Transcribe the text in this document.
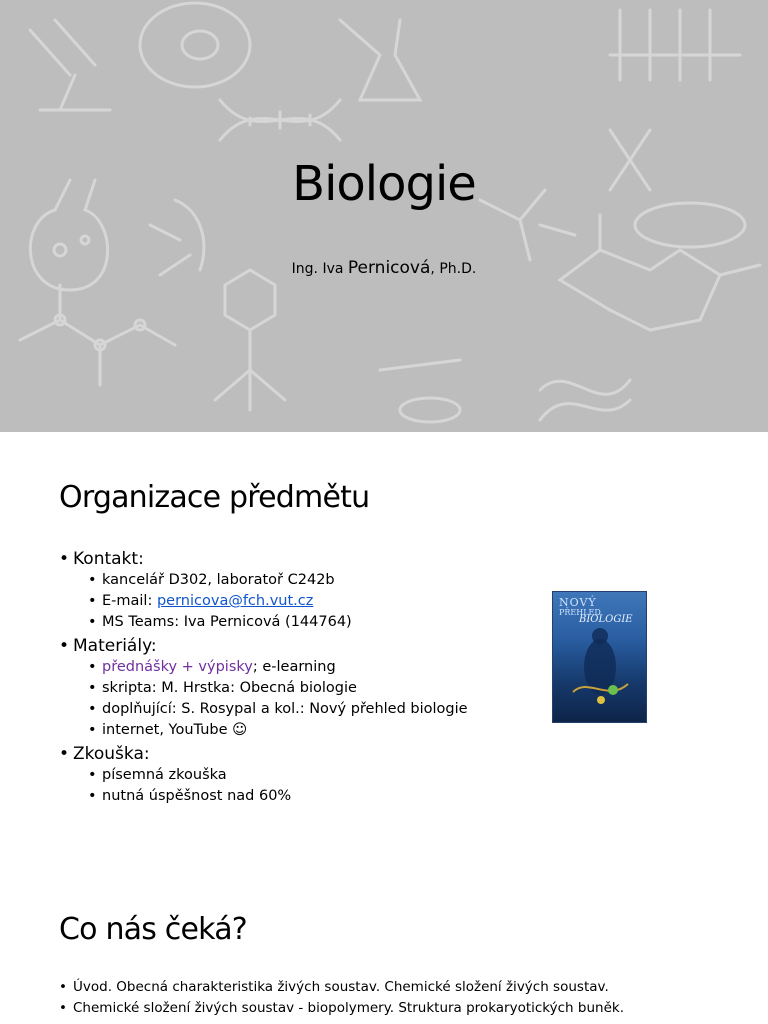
Biologie
Ing. Iva Pernicová, Ph.D.
Organizace předmětu
• Kontakt:
• kancelář D302, laboratoř C242b
• E-mail: pernicova@fch.vut.cz
• MS Teams: Iva Pernicová (144764)
• Materiály:
• přednášky + výpisky; e-learning
• skripta: M. Hrstka: Obecná biologie
• doplňující: S. Rosypal a kol.: Nový přehled biologie
• internet, YouTube ☺
• Zkouška:
• písemná zkouška
• nutná úspěšnost nad 60%
NOVÝ
PŘEHLED
BIOLOGIE
Co nás čeká?
• Úvod. Obecná charakteristika živých soustav. Chemické složení živých soustav.
• Chemické složení živých soustav - biopolymery. Struktura prokaryotických buněk.
